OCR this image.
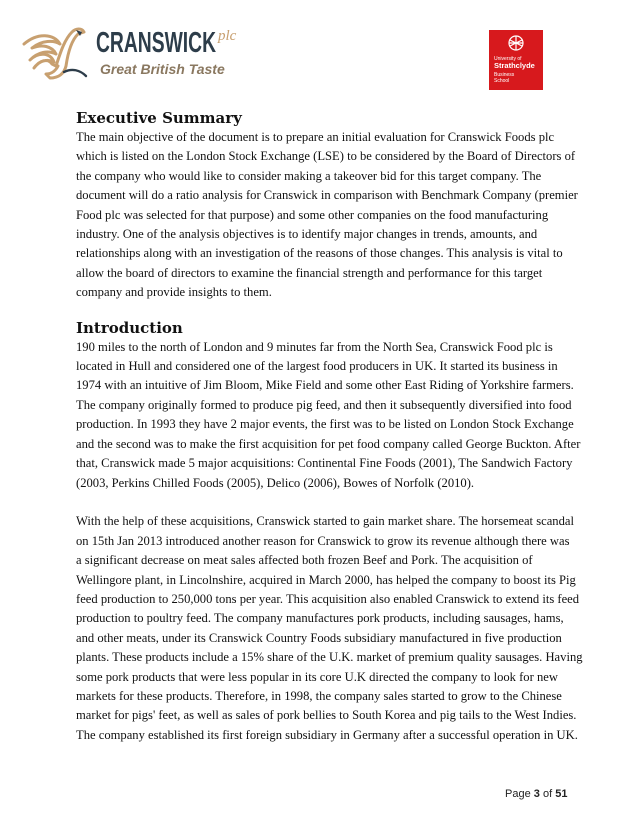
CRANSWICK plc
Great British Taste
University of
Strathclyde
Business
School
Executive Summary

The main objective of the document is to prepare an initial evaluation for Cranswick Foods plc

which is listed on the London Stock Exchange (LSE) to be considered by the Board of Directors of

the company who would like to consider making a takeover bid for this target company. The

document will do a ratio analysis for Cranswick in comparison with Benchmark Company (premier

Food plc was selected for that purpose) and some other companies on the food manufacturing

industry. One of the analysis objectives is to identify major changes in trends, amounts, and

relationships along with an investigation of the reasons of those changes. This analysis is vital to

allow the board of directors to examine the financial strength and performance for this target

company and provide insights to them.

Introduction

190 miles to the north of London and 9 minutes far from the North Sea, Cranswick Food plc is

located in Hull and considered one of the largest food producers in UK. It started its business in

1974 with an intuitive of Jim Bloom, Mike Field and some other East Riding of Yorkshire farmers.

The company originally formed to produce pig feed, and then it subsequently diversified into food

production. In 1993 they have 2 major events, the first was to be listed on London Stock Exchange

and the second was to make the first acquisition for pet food company called George Buckton. After

that, Cranswick made 5 major acquisitions: Continental Fine Foods (2001), The Sandwich Factory

(2003, Perkins Chilled Foods (2005), Delico (2006), Bowes of Norfolk (2010).

With the help of these acquisitions, Cranswick started to gain market share. The horsemeat scandal

on 15th Jan 2013 introduced another reason for Cranswick to grow its revenue although there was

a significant decrease on meat sales affected both frozen Beef and Pork. The acquisition of

Wellingore plant, in Lincolnshire, acquired in March 2000, has helped the company to boost its Pig

feed production to 250,000 tons per year. This acquisition also enabled Cranswick to extend its feed

production to poultry feed. The company manufactures pork products, including sausages, hams,

and other meats, under its Cranswick Country Foods subsidiary manufactured in five production

plants. These products include a 15% share of the U.K. market of premium quality sausages. Having

some pork products that were less popular in its core U.K directed the company to look for new

markets for these products. Therefore, in 1998, the company sales started to grow to the Chinese

market for pigs' feet, as well as sales of pork bellies to South Korea and pig tails to the West Indies.

The company established its first foreign subsidiary in Germany after a successful operation in UK.

Page 3 of 51
